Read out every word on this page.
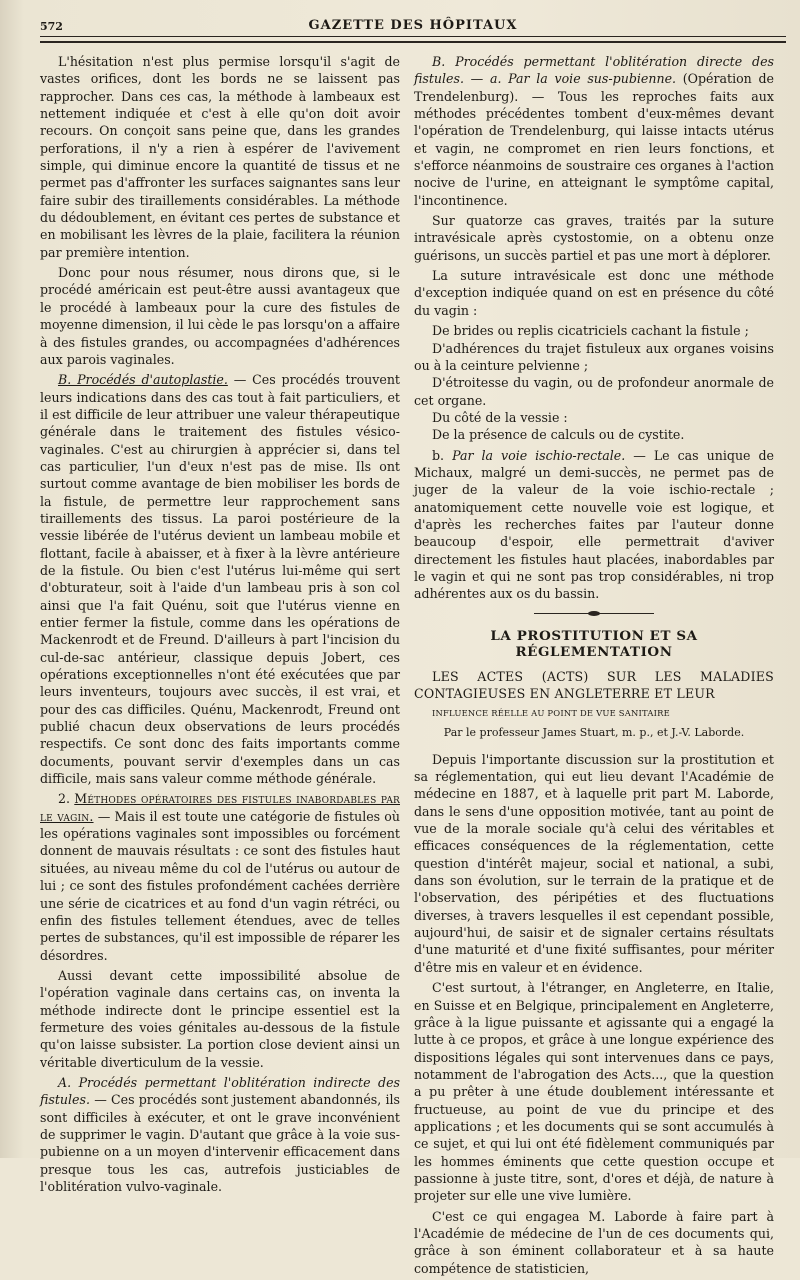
572	GAZETTE DES HÔPITAUX

L'hésitation n'est plus permise lorsqu'il s'agit de vastes orifices, dont les bords ne se laissent pas rapprocher. Dans ces cas, la méthode à lambeaux est nettement indiquée et c'est à elle qu'on doit avoir recours. On conçoit sans peine que, dans les grandes perforations, il n'y a rien à espérer de l'avivement simple, qui diminue encore la quantité de tissus et ne permet pas d'affronter les surfaces saignantes sans leur faire subir des tiraillements considérables. La méthode du dédoublement, en évitant ces pertes de substance et en mobilisant les lèvres de la plaie, facilitera la réunion par première intention.

Donc pour nous résumer, nous dirons que, si le procédé américain est peut-être aussi avantageux que le procédé à lambeaux pour la cure des fistules de moyenne dimension, il lui cède le pas lorsqu'on a affaire à des fistules grandes, ou accompagnées d'adhérences aux parois vaginales.

B. Procédés d'autoplastie. — Ces procédés trouvent leurs indications dans des cas tout à fait particuliers, et il est difficile de leur attribuer une valeur thérapeutique générale dans le traitement des fistules vésico-vaginales. C'est au chirurgien à apprécier si, dans tel cas particulier, l'un d'eux n'est pas de mise. Ils ont surtout comme avantage de bien mobiliser les bords de la fistule, de permettre leur rapprochement sans tiraillements des tissus. La paroi postérieure de la vessie libérée de l'utérus devient un lambeau mobile et flottant, facile à abaisser, et à fixer à la lèvre antérieure de la fistule. Ou bien c'est l'utérus lui-même qui sert d'obturateur, soit à l'aide d'un lambeau pris à son col ainsi que l'a fait Quénu, soit que l'utérus vienne en entier fermer la fistule, comme dans les opérations de Mackenrodt et de Freund. D'ailleurs à part l'incision du cul-de-sac antérieur, classique depuis Jobert, ces opérations exceptionnelles n'ont été exécutées que par leurs inventeurs, toujours avec succès, il est vrai, et pour des cas difficiles. Quénu, Mackenrodt, Freund ont publié chacun deux observations de leurs procédés respectifs. Ce sont donc des faits importants comme documents, pouvant servir d'exemples dans un cas difficile, mais sans valeur comme méthode générale.

2. Méthodes opératoires des fistules inabordables par le vagin. — Mais il est toute une catégorie de fistules où les opérations vaginales sont impossibles ou forcément donnent de mauvais résultats : ce sont des fistules haut situées, au niveau même du col de l'utérus ou autour de lui ; ce sont des fistules profondément cachées derrière une série de cicatrices et au fond d'un vagin rétréci, ou enfin des fistules tellement étendues, avec de telles pertes de substances, qu'il est impossible de réparer les désordres.

Aussi devant cette impossibilité absolue de l'opération vaginale dans certains cas, on inventa la méthode indirecte dont le principe essentiel est la fermeture des voies génitales au-dessous de la fistule qu'on laisse subsister. La portion close devient ainsi un véritable diverticulum de la vessie.

A. Procédés permettant l'oblitération indirecte des fistules. — Ces procédés sont justement abandonnés, ils sont difficiles à exécuter, et ont le grave inconvénient de supprimer le vagin. D'autant que grâce à la voie sus-pubienne on a un moyen d'intervenir efficacement dans presque tous les cas, autrefois justiciables de l'oblitération vulvo-vaginale.

B. Procédés permettant l'oblitération directe des fistules. — a. Par la voie sus-pubienne. (Opération de Trendelenburg). — Tous les reproches faits aux méthodes précédentes tombent d'eux-mêmes devant l'opération de Trendelenburg, qui laisse intacts utérus et vagin, ne compromet en rien leurs fonctions, et s'efforce néanmoins de soustraire ces organes à l'action nocive de l'urine, en atteignant le symptôme capital, l'incontinence.

Sur quatorze cas graves, traités par la suture intravésicale après cystostomie, on a obtenu onze guérisons, un succès partiel et pas une mort à déplorer.

La suture intravésicale est donc une méthode d'exception indiquée quand on est en présence du côté du vagin :

De brides ou replis cicatriciels cachant la fistule ;

D'adhérences du trajet fistuleux aux organes voisins ou à la ceinture pelvienne ;

D'étroitesse du vagin, ou de profondeur anormale de cet organe.

Du côté de la vessie :

De la présence de calculs ou de cystite.

b. Par la voie ischio-rectale. — Le cas unique de Michaux, malgré un demi-succès, ne permet pas de juger de la valeur de la voie ischio-rectale ; anatomiquement cette nouvelle voie est logique, et d'après les recherches faites par l'auteur donne beaucoup d'espoir, elle permettrait d'aviver directement les fistules haut placées, inabordables par le vagin et qui ne sont pas trop considérables, ni trop adhérentes aux os du bassin.

LA PROSTITUTION ET SA RÉGLEMENTATION

LES ACTES (ACTS) SUR LES MALADIES CONTAGIEUSES EN ANGLETERRE ET LEUR

INFLUENCE RÉELLE AU POINT DE VUE SANITAIRE

Par le professeur James Stuart, m. p., et J.-V. Laborde.

Depuis l'importante discussion sur la prostitution et sa réglementation, qui eut lieu devant l'Académie de médecine en 1887, et à laquelle prit part M. Laborde, dans le sens d'une opposition motivée, tant au point de vue de la morale sociale qu'à celui des véritables et efficaces conséquences de la réglementation, cette question d'intérêt majeur, social et national, a subi, dans son évolution, sur le terrain de la pratique et de l'observation, des péripéties et des fluctuations diverses, à travers lesquelles il est cependant possible, aujourd'hui, de saisir et de signaler certains résultats d'une maturité et d'une fixité suffisantes, pour mériter d'être mis en valeur et en évidence.

C'est surtout, à l'étranger, en Angleterre, en Italie, en Suisse et en Belgique, principalement en Angleterre, grâce à la ligue puissante et agissante qui a engagé la lutte à ce propos, et grâce à une longue expérience des dispositions légales qui sont intervenues dans ce pays, notamment de l'abrogation des Acts..., que la question a pu prêter à une étude doublement intéressante et fructueuse, au point de vue du principe et des applications ; et les documents qui se sont accumulés à ce sujet, et qui lui ont été fidèlement communiqués par les hommes éminents que cette question occupe et passionne à juste titre, sont, d'ores et déjà, de nature à projeter sur elle une vive lumière.

C'est ce qui engagea M. Laborde à faire part à l'Académie de médecine de l'un de ces documents qui, grâce à son éminent collaborateur et à sa haute compétence de statisticien,
